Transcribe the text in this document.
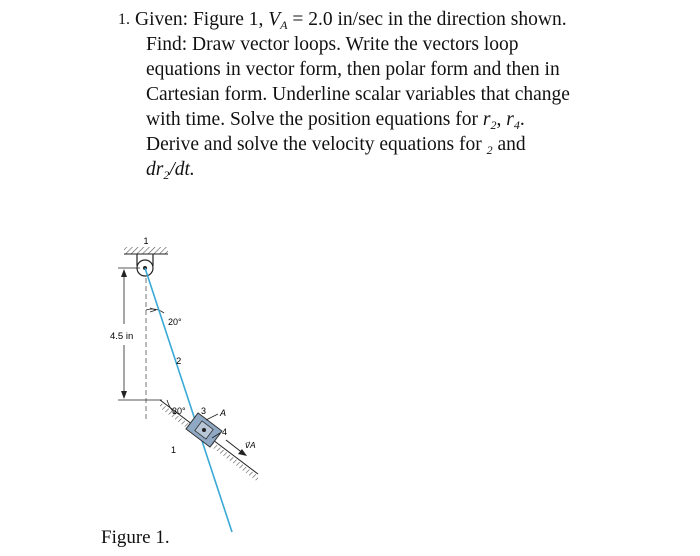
1. Given: Figure 1, $V_A = 2.0$ in/sec in the direction shown.
Find: Draw vector loops. Write the vectors loop
equations in vector form, then polar form and then in
Cartesian form. Underline scalar variables that change
with time. Solve the position equations for $r_2$, $r_4$.
Derive and solve the velocity equations for $_2$ and
$dr_2/dt$.
1
4.5 in
20°
2
30° 3 A
4
1	v⃗A
Figure 1.
